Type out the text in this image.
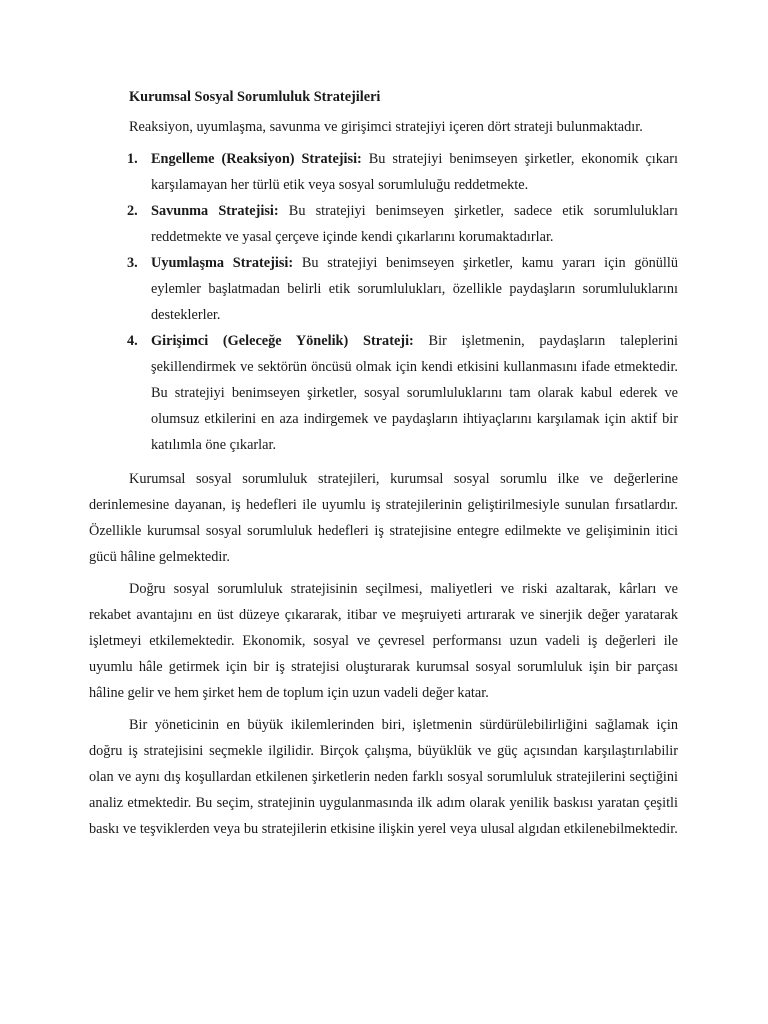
Kurumsal Sosyal Sorumluluk Stratejileri

Reaksiyon, uyumlaşma, savunma ve girişimci stratejiyi içeren dört strateji bulunmaktadır.

1. Engelleme (Reaksiyon) Stratejisi: Bu stratejiyi benimseyen şirketler, ekonomik çıkarı karşılamayan her türlü etik veya sosyal sorumluluğu reddetmekte.
2. Savunma Stratejisi: Bu stratejiyi benimseyen şirketler, sadece etik sorumlulukları reddetmekte ve yasal çerçeve içinde kendi çıkarlarını korumaktadırlar.
3. Uyumlaşma Stratejisi: Bu stratejiyi benimseyen şirketler, kamu yararı için gönüllü eylemler başlatmadan belirli etik sorumlulukları, özellikle paydaşların sorumluluklarını desteklerler.
4. Girişimci (Geleceğe Yönelik) Strateji: Bir işletmenin, paydaşların taleplerini şekillendirmek ve sektörün öncüsü olmak için kendi etkisini kullanmasını ifade etmektedir. Bu stratejiyi benimseyen şirketler, sosyal sorumluluklarını tam olarak kabul ederek ve olumsuz etkilerini en aza indirgemek ve paydaşların ihtiyaçlarını karşılamak için aktif bir katılımla öne çıkarlar.

Kurumsal sosyal sorumluluk stratejileri, kurumsal sosyal sorumlu ilke ve değerlerine derinlemesine dayanan, iş hedefleri ile uyumlu iş stratejilerinin geliştirilmesiyle sunulan fırsatlardır. Özellikle kurumsal sosyal sorumluluk hedefleri iş stratejisine entegre edilmekte ve gelişiminin itici gücü hâline gelmektedir.

Doğru sosyal sorumluluk stratejisinin seçilmesi, maliyetleri ve riski azaltarak, kârları ve rekabet avantajını en üst düzeye çıkararak, itibar ve meşruiyeti artırarak ve sinerjik değer yaratarak işletmeyi etkilemektedir. Ekonomik, sosyal ve çevresel performansı uzun vadeli iş değerleri ile uyumlu hâle getirmek için bir iş stratejisi oluşturarak kurumsal sosyal sorumluluk işin bir parçası hâline gelir ve hem şirket hem de toplum için uzun vadeli değer katar.

Bir yöneticinin en büyük ikilemlerinden biri, işletmenin sürdürülebilirliğini sağlamak için doğru iş stratejisini seçmekle ilgilidir. Birçok çalışma, büyüklük ve güç açısından karşılaştırılabilir olan ve aynı dış koşullardan etkilenen şirketlerin neden farklı sosyal sorumluluk stratejilerini seçtiğini analiz etmektedir. Bu seçim, stratejinin uygulanmasında ilk adım olarak yenilik baskısı yaratan çeşitli baskı ve teşviklerden veya bu stratejilerin etkisine ilişkin yerel veya ulusal algıdan etkilenebilmektedir.
